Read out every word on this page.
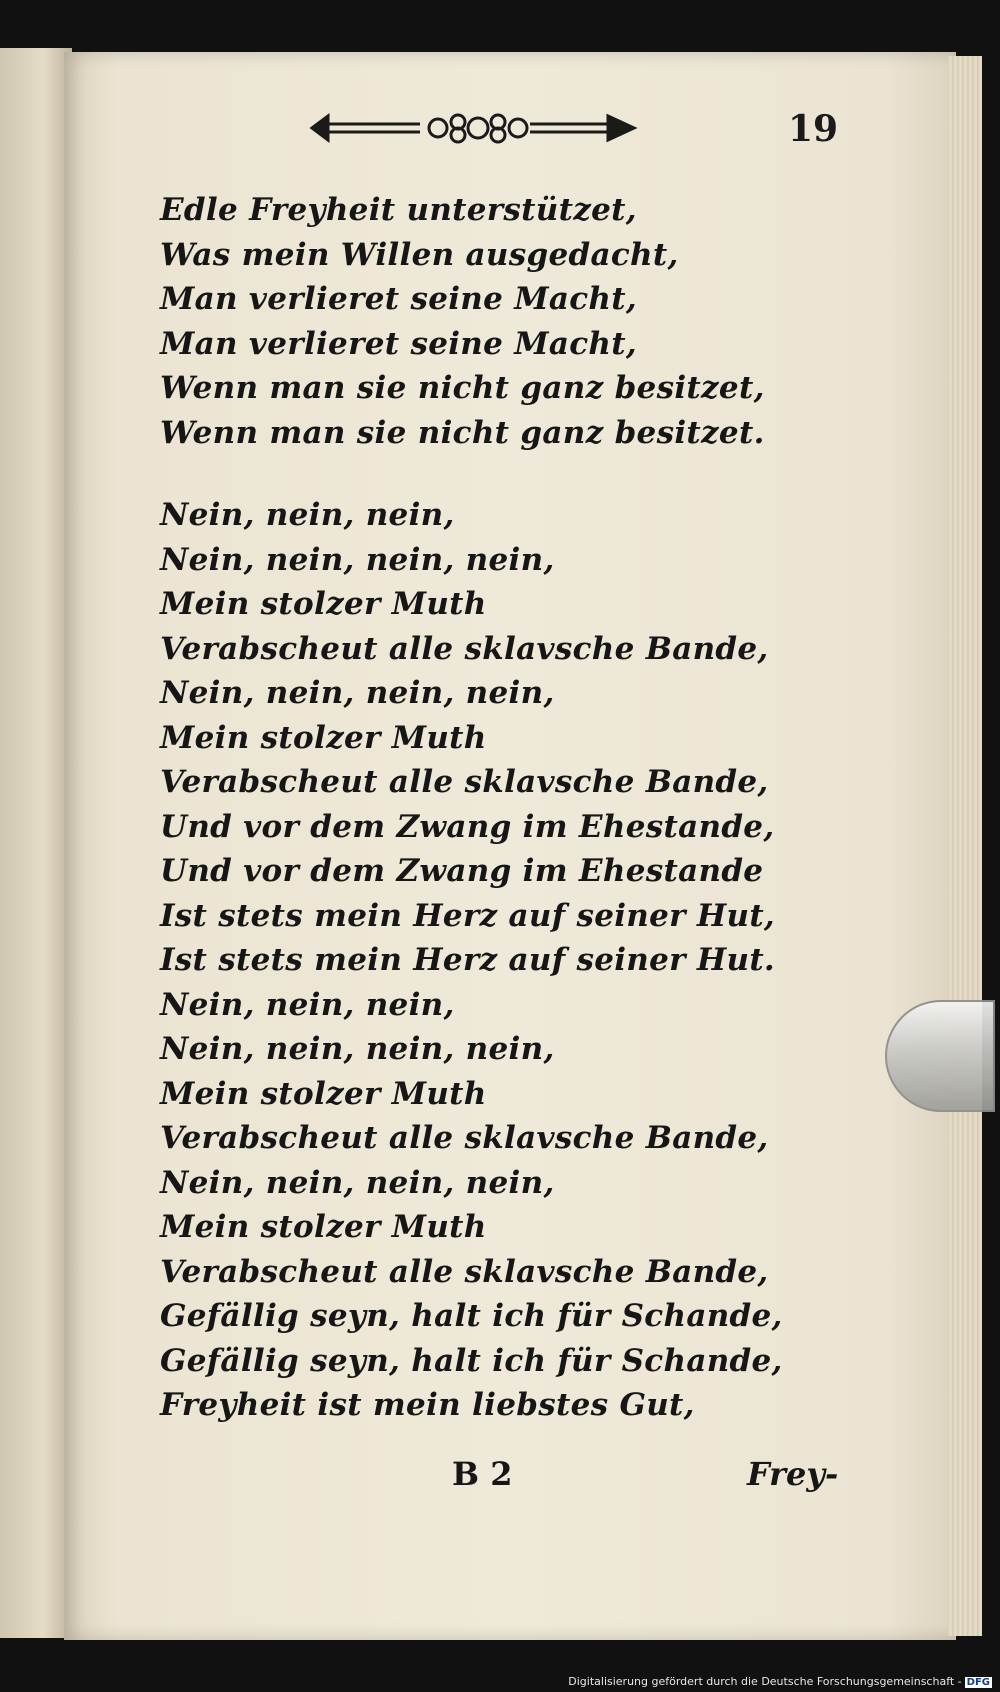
19
Edle Freyheit unterstützet,
Was mein Willen ausgedacht,
Man verlieret seine Macht,
Man verlieret seine Macht,
Wenn man sie nicht ganz besitzet,
Wenn man sie nicht ganz besitzet.
Nein, nein, nein,
Nein, nein, nein, nein,
Mein stolzer Muth
Verabscheut alle sklavsche Bande,
Nein, nein, nein, nein,
Mein stolzer Muth
Verabscheut alle sklavsche Bande,
Und vor dem Zwang im Ehestande,
Und vor dem Zwang im Ehestande
Ist stets mein Herz auf seiner Hut,
Ist stets mein Herz auf seiner Hut.
Nein, nein, nein,
Nein, nein, nein, nein,
Mein stolzer Muth
Verabscheut alle sklavsche Bande,
Nein, nein, nein, nein,
Mein stolzer Muth
Verabscheut alle sklavsche Bande,
Gefällig seyn, halt ich für Schande,
Gefällig seyn, halt ich für Schande,
Freyheit ist mein liebstes Gut,
B 2	Frey-
Digitalisierung gefördert durch die Deutsche Forschungsgemeinschaft - DFG
